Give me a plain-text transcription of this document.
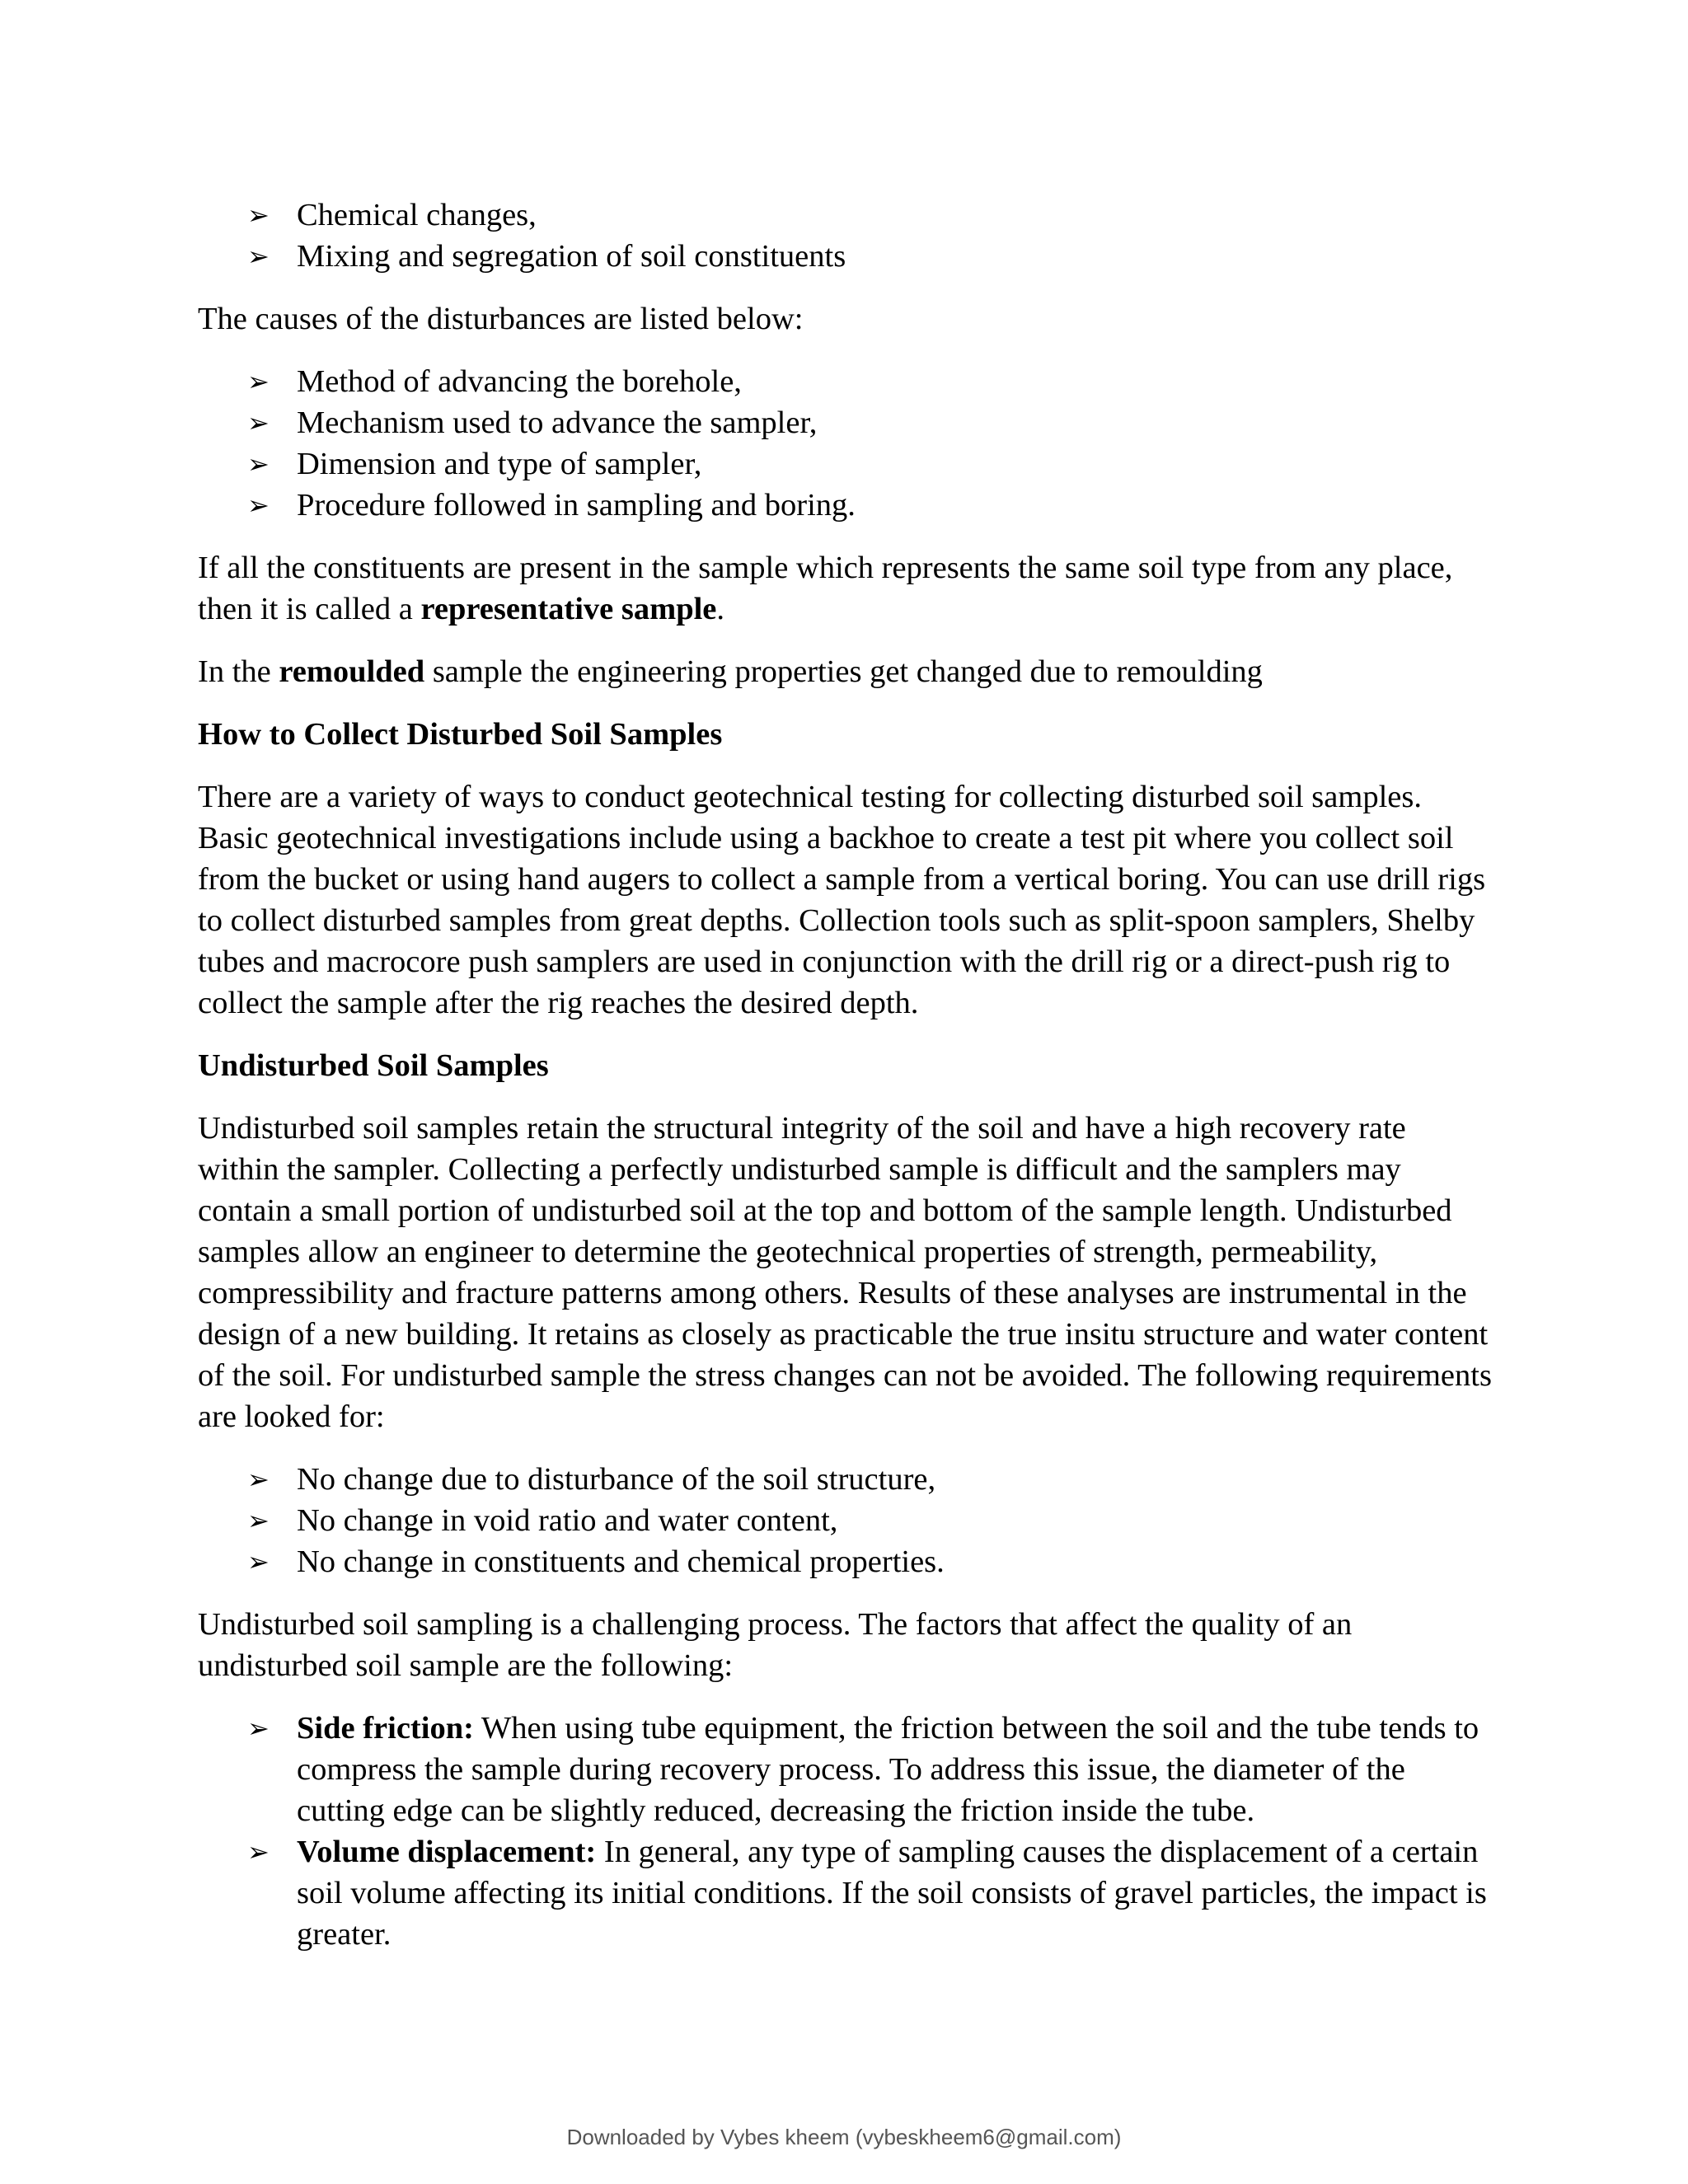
➢ Chemical changes,
➢ Mixing and segregation of soil constituents

The causes of the disturbances are listed below:

➢ Method of advancing the borehole,
➢ Mechanism used to advance the sampler,
➢ Dimension and type of sampler,
➢ Procedure followed in sampling and boring.

If all the constituents are present in the sample which represents the same soil type from any place, then it is called a representative sample.

In the remoulded sample the engineering properties get changed due to remoulding

How to Collect Disturbed Soil Samples

There are a variety of ways to conduct geotechnical testing for collecting disturbed soil samples. Basic geotechnical investigations include using a backhoe to create a test pit where you collect soil from the bucket or using hand augers to collect a sample from a vertical boring. You can use drill rigs to collect disturbed samples from great depths. Collection tools such as split-spoon samplers, Shelby tubes and macrocore push samplers are used in conjunction with the drill rig or a direct-push rig to collect the sample after the rig reaches the desired depth.

Undisturbed Soil Samples

Undisturbed soil samples retain the structural integrity of the soil and have a high recovery rate within the sampler. Collecting a perfectly undisturbed sample is difficult and the samplers may contain a small portion of undisturbed soil at the top and bottom of the sample length. Undisturbed samples allow an engineer to determine the geotechnical properties of strength, permeability, compressibility and fracture patterns among others. Results of these analyses are instrumental in the design of a new building. It retains as closely as practicable the true insitu structure and water content of the soil. For undisturbed sample the stress changes can not be avoided. The following requirements are looked for:

➢ No change due to disturbance of the soil structure,
➢ No change in void ratio and water content,
➢ No change in constituents and chemical properties.

Undisturbed soil sampling is a challenging process. The factors that affect the quality of an undisturbed soil sample are the following:

➢ Side friction: When using tube equipment, the friction between the soil and the tube tends to compress the sample during recovery process. To address this issue, the diameter of the cutting edge can be slightly reduced, decreasing the friction inside the tube.
➢ Volume displacement: In general, any type of sampling causes the displacement of a certain soil volume affecting its initial conditions. If the soil consists of gravel particles, the impact is greater.
Downloaded by Vybes kheem (vybeskheem6@gmail.com)
